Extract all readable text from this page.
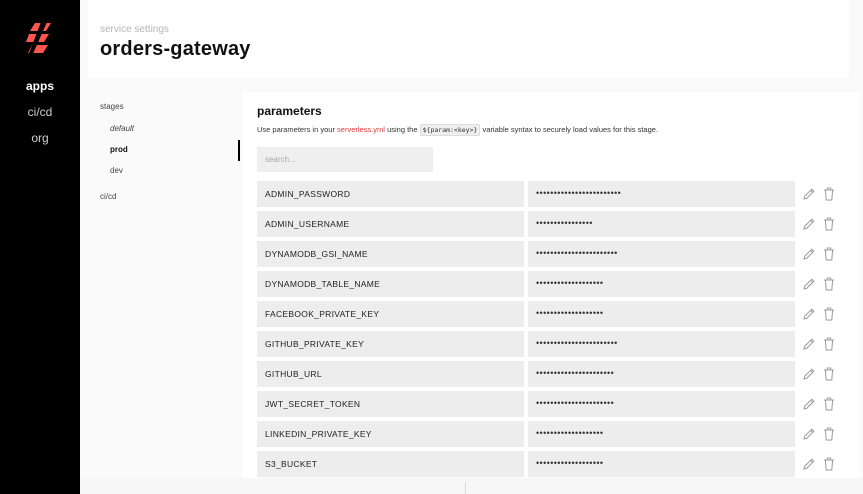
apps
ci/cd
org
service settings
orders-gateway
stages
default
prod
dev
ci/cd
parameters
Use parameters in your serverless.yml using the ${param:<key>} variable syntax to securely load values for this stage.
search...
ADMIN_PASSWORD	••••••••••••••••••••••••
ADMIN_USERNAME	••••••••••••••••
DYNAMODB_GSI_NAME	•••••••••••••••••••••••
DYNAMODB_TABLE_NAME	•••••••••••••••••••
FACEBOOK_PRIVATE_KEY	•••••••••••••••••••
GITHUB_PRIVATE_KEY	•••••••••••••••••••••••
GITHUB_URL	••••••••••••••••••••••
JWT_SECRET_TOKEN	••••••••••••••••••••••
LINKEDIN_PRIVATE_KEY	•••••••••••••••••••
S3_BUCKET	•••••••••••••••••••
